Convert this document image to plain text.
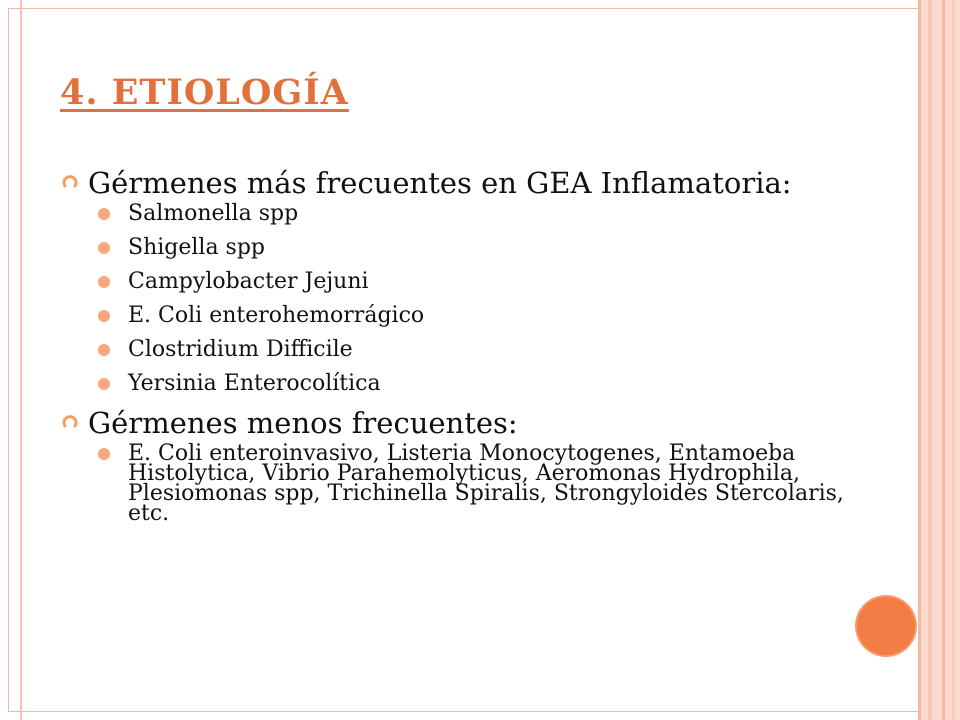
4. ETIOLOGÍA

Gérmenes más frecuentes en GEA Inflamatoria:

Salmonella spp
Shigella spp
Campylobacter Jejuni
E. Coli enterohemorrágico
Clostridium Difficile
Yersinia Enterocolítica

Gérmenes menos frecuentes:

E. Coli enteroinvasivo, Listeria Monocytogenes, Entamoeba Histolytica, Vibrio Parahemolyticus, Aeromonas Hydrophila, Plesiomonas spp, Trichinella Spiralis, Strongyloides Stercolaris, etc.
